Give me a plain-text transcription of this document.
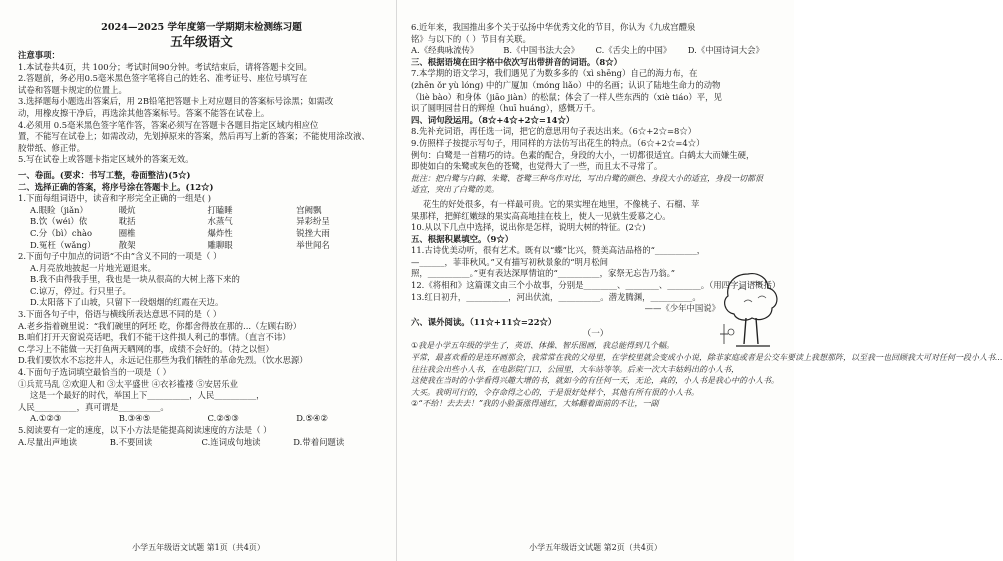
2024—2025 学年度第一学期期末检测练习题
五年级语文
注意事项：
1.本试卷共4页，共 100分；考试时间90分钟。考试结束后，请将答题卡交回。
2.答题前，务必用0.5毫米黑色签字笔将自己的姓名、准考证号、座位号填写在
试卷和答题卡规定的位置上。
3.选择题每小题选出答案后，用 2B铅笔把答题卡上对应题目的答案标号涂黑；如需改
动，用橡皮擦干净后，再选涂其他答案标号。答案不能答在试卷上。
4.必须用 0.5毫米黑色签字笔作答，答案必须写在答题卡各题目指定区域内相应位
置，不能写在试卷上；如需改动，先划掉原来的答案，然后再写上新的答案；不能使用涂改液、
胶带纸、修正带。
5.写在试卷上或答题卡指定区域外的答案无效。
一、卷面。(要求：书写工整，卷面整洁)(5☆)
二、选择正确的答案，将序号涂在答题卡上。(12☆)
1.下面每组词语中，读音和字形完全正确的一组是( )
A.眼睑（jiǎn）	暖炕	打瞌睡	宫阙飘
B.饮（wéi）依	耽括	水蒸气	异彩纷呈
C.分（bì）chào	圈椎	爆炸性	锐挫大雨
D.冤枉（wǎng）	散架	雕聊眼	举世闻名
2.下面句子中加点的词语“不由”含义不同的一项是（ ）
A.月亮放地披起一片地光逼退来。
B.我不由得我手里，我也是一块从很高的大树上落下来的
C.谅万，停过。行只里子。
D.太阳落下了山坡，只留下一段烟烟的红霞在天边。
3.下面各句子中，俗语与横线所表达意思不同的是（ ）
A.老乡指着碗里说：“我们碗里的阿坯 吃，你都舍得放在那的...（左顾右盼）
B.咱们打开天窗说亮话吧，我们不能干这件损人利己的事情。（直言不讳）
C.学习上不能做一天打鱼两天晒网的事，成绩不会好的。（持之以恒）
D.我们要饮水不忘挖井人，永远记住那些为我们牺牲的革命先烈。（饮水思源）
4.下面句子选词填空最恰当的一项是（ ）
①兵荒马乱 ②欢迎人和 ③太平盛世 ④衣衫褴褛 ⑤安居乐业
这是一个最好的时代，举国上下__________，人民__________，
人民__________，真可谓是__________。
A.①②③	B.③④⑤	C.②⑤③	D.⑤④②
5.阅读要有一定的速度，以下小方法是能提高阅读速度的方法是（ ）
A.尽量出声地读	B.不要回读	C.连词成句地读	D.带着问题读
小学五年级语文试题 第1页（共4页）
6.近年来，我国推出多个关于弘扬中华优秀文化的节目，你认为《九成宫醴泉
铭》与以下的（ ）节目有关联。
A.《经典咏流传》	B.《中国书法大会》	C.《舌尖上的中国》	D.《中国诗词大会》
三、根据语境在田字格中依次写出带拼音的词语。（8☆）
7.本学期的语文学习，我们遇见了为数多多的（xì shēng）自己的海力布，在
(zhēn ǒr yù lóng) 中的广厦加（móng liǎo）中的名画；认识了陆地生命力的动物
（liè bào）和身体（jiāo jiàn）的松鼠；体会了一样人些东西的（xiè tiáo）平，见
识了圆明园昔日的辉煌（huī huáng），感慨万千。
四、词句段运用。（8☆+4☆+2☆=14☆）
8.先补充词语，再任选一词，把它的意思用句子表达出来。（6☆+2☆=8☆）
9.仿照样子按提示写句子，用同样的方法仿写出花生的特点。（6☆+2☆=4☆）
例句：白鹭是一首精巧的诗。色素的配合，身段的大小，一切都很适宜。白鹤太大而嫌生硬，
即使如白的朱鹭或灰色的苍鹭，也觉得大了一些，而且太不寻常了。
批注：把白鹭与白鹤、朱鹭、苍鹭三种鸟作对比，写出白鹭的颜色、身段大小的适宜，身段一切都很
适宜，突出了白鹭的美。
花生的好处很多，有一样最可贵。它的果实埋在地里，不像桃子、石榴、苹
果那样，把鲜红嫩绿的果实高高地挂在枝上，使人一见就生爱慕之心。
10.从以下几点中选择，说出你是怎样，说明大树的特征。(2☆)
五、根据积累填空。（9☆）
11.古诗优美动听，很有艺术。既有以“蝶”比兴，赞美高洁品格的“__________，
—______，菲菲秋风。”又有描写初秋景象的“明月松间
照，__________。”更有表达深厚情谊的“__________，家祭无忘告乃翁。”
12.《将相和》这篇课文由三个小故事，分别是________、________、________。（用四字词语概括）
13.红日初升，__________，河出伏流，__________。潜龙腾渊，__________。
——《少年中国说》
六、课外阅读。（11☆+11☆=22☆）
（一）
①我是小学五年级的学生了，英语、体操、智乐图画，我总能得到几个幅。
平常，最喜欢看的是连环画那会，我常常在我的父母里，在学校里就会变成小小说，除非家庭或者是公交车要读上我想那阵，以至我一也回顾我大可对任何一段小人书...
往往我会出些小人书，在电影院门口，公园里，大车站等等。后来一次大丰姑妈出的小人书，
这使我在当时的小学看得兴趣大增的书，就如今的有任何一天，无论，真的，小人书是我心中的小人书。
大买。我明可行的，令存命得之心的，于是很好处样个，其他有所有很的小人书。
②“不给！去去去！”我的小脸蛋涨得通红，大姊翻着面前的不让，一副
小学五年级语文试题 第2页（共4页）
